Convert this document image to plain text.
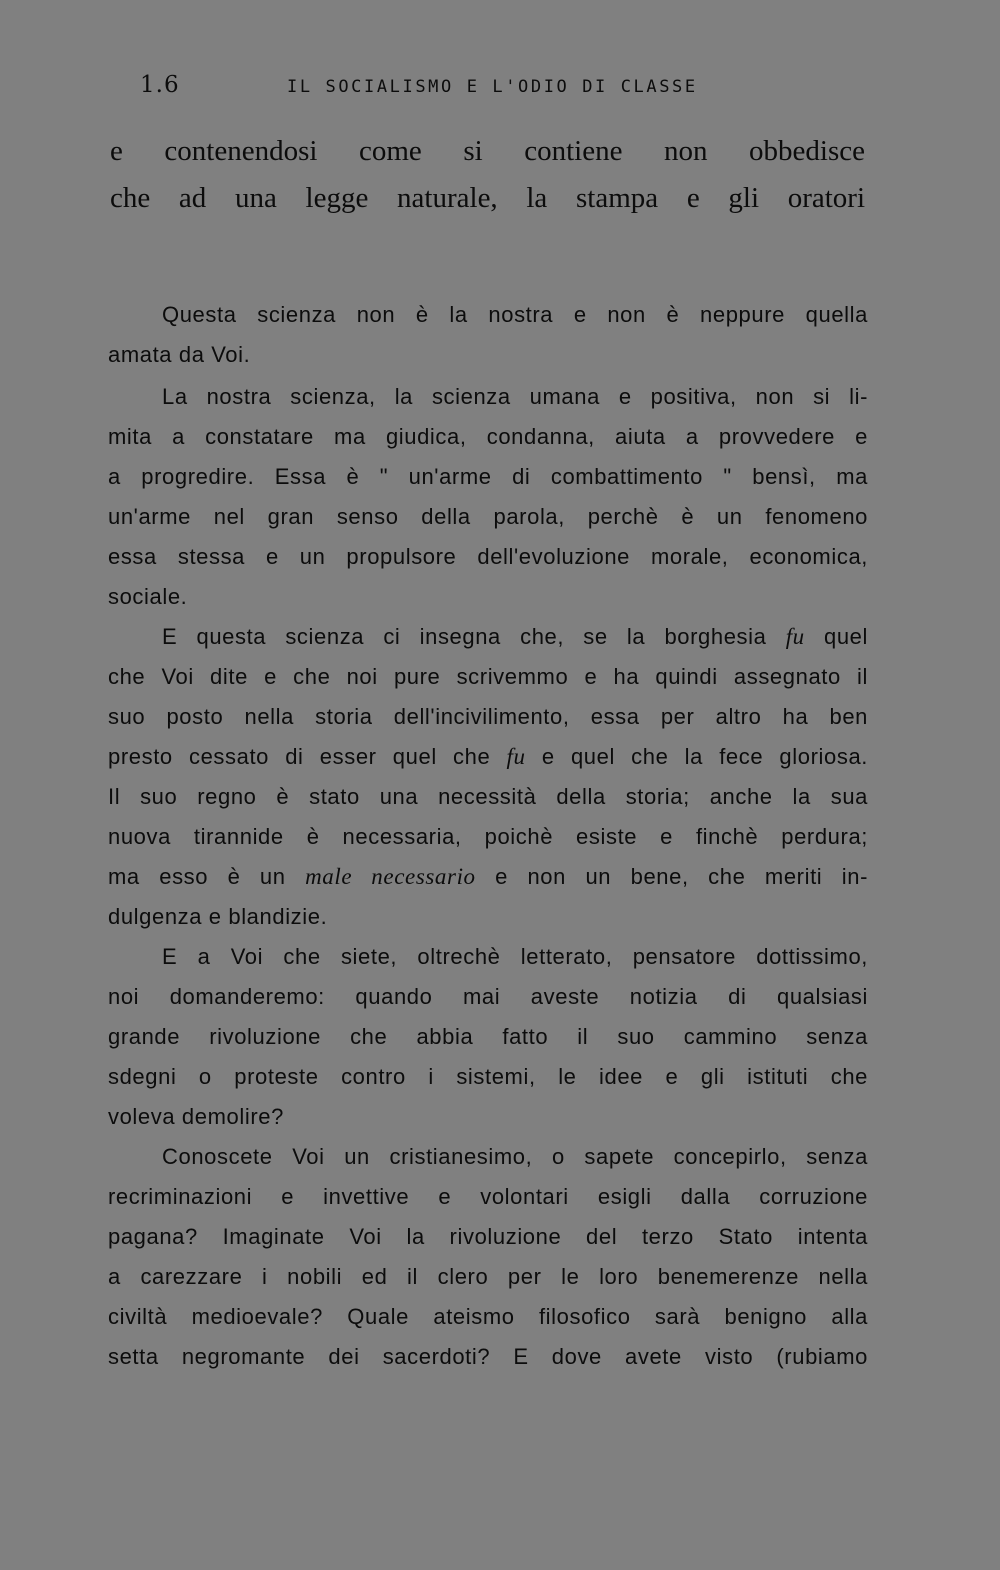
1.6	IL SOCIALISMO E L'ODIO DI CLASSE

e contenendosi come si contiene non obbedisce

che ad una legge naturale, la stampa e gli oratori

Questa scienza non è la nostra e non è neppure quella

amata da Voi.

La nostra scienza, la scienza umana e positiva, non si li-

mita a constatare ma giudica, condanna, aiuta a provvedere e

a progredire. Essa è " un'arme di combattimento " bensì, ma

un'arme nel gran senso della parola, perchè è un fenomeno

essa stessa e un propulsore dell'evoluzione morale, economica,

sociale.

E questa scienza ci insegna che, se la borghesia fu quel

che Voi dite e che noi pure scrivemmo e ha quindi assegnato il

suo posto nella storia dell'incivilimento, essa per altro ha ben

presto cessato di esser quel che fu e quel che la fece gloriosa.

Il suo regno è stato una necessità della storia; anche la sua

nuova tirannide è necessaria, poichè esiste e finchè perdura;

ma esso è un male necessario e non un bene, che meriti in-

dulgenza e blandizie.

E a Voi che siete, oltrechè letterato, pensatore dottissimo,

noi domanderemo: quando mai aveste notizia di qualsiasi

grande rivoluzione che abbia fatto il suo cammino senza

sdegni o proteste contro i sistemi, le idee e gli istituti che

voleva demolire?

Conoscete Voi un cristianesimo, o sapete concepirlo, senza

recriminazioni e invettive e volontari esigli dalla corruzione

pagana? Imaginate Voi la rivoluzione del terzo Stato intenta

a carezzare i nobili ed il clero per le loro benemerenze nella

civiltà medioevale? Quale ateismo filosofico sarà benigno alla

setta negromante dei sacerdoti? E dove avete visto (rubiamo
